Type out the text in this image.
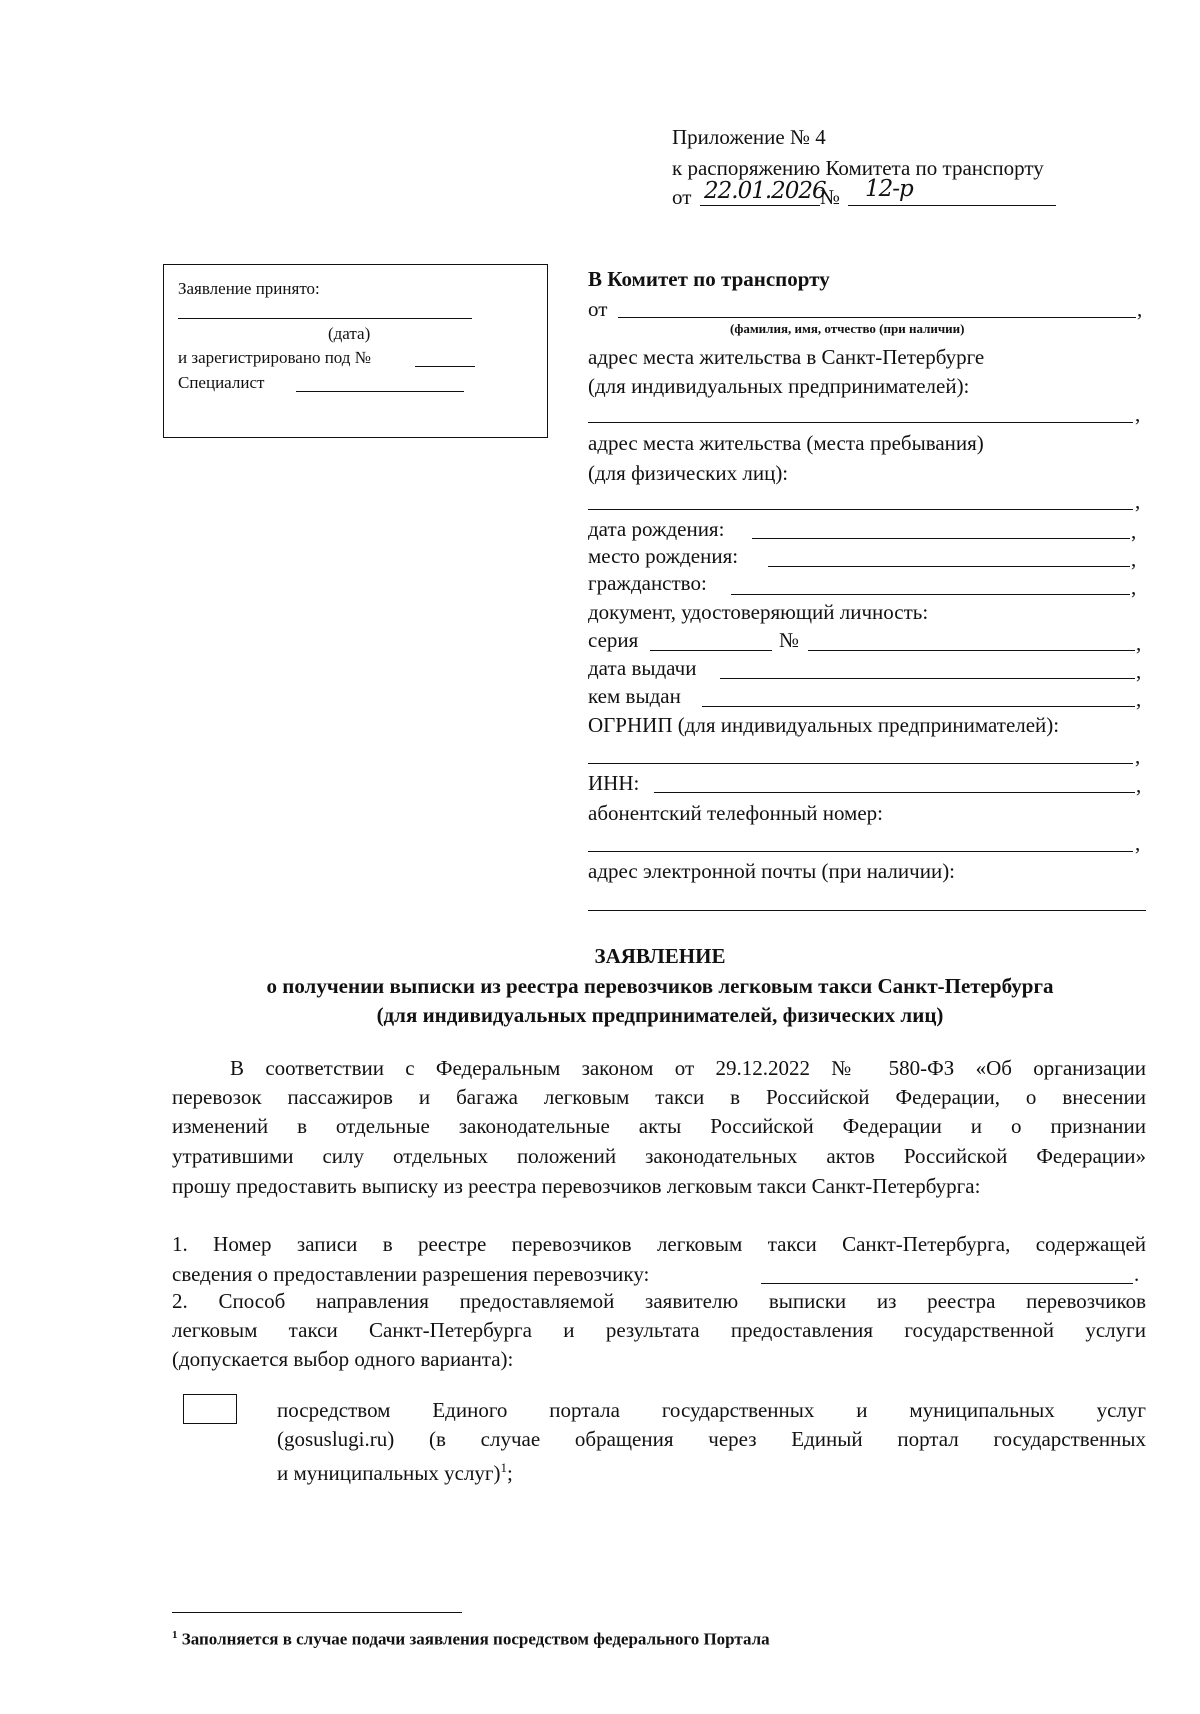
Приложение № 4
к распоряжению Комитета по транспорту
от 22.01.2026
№ 12-р
Заявление принято:
(дата)
и зарегистрировано под №
Специалист
В Комитет по транспорту
от	,
(фамилия, имя, отчество (при наличии)
адрес места жительства в Санкт-Петербурге
(для индивидуальных предпринимателей):
,
адрес места жительства (места пребывания)
(для физических лиц):
,
дата рождения:	,
место рождения:	,
гражданство:	,
документ, удостоверяющий личность:
серия	№	,
дата выдачи	,
кем выдан	,
ОГРНИП (для индивидуальных предпринимателей):
,
ИНН:	,
абонентский телефонный номер:
,
адрес электронной почты (при наличии):
ЗАЯВЛЕНИЕ
о получении выписки из реестра перевозчиков легковым такси Санкт-Петербурга
(для индивидуальных предпринимателей, физических лиц)
В соответствии с Федеральным законом от 29.12.2022 № 580-ФЗ «Об организации
перевозок пассажиров и багажа легковым такси в Российской Федерации, о внесении
изменений в отдельные законодательные акты Российской Федерации и о признании
утратившими силу отдельных положений законодательных актов Российской Федерации»
прошу предоставить выписку из реестра перевозчиков легковым такси Санкт-Петербурга:
1. Номер записи в реестре перевозчиков легковым такси Санкт-Петербурга, содержащей
сведения о предоставлении разрешения перевозчику:	.
2. Способ направления предоставляемой заявителю выписки из реестра перевозчиков
легковым такси Санкт-Петербурга и результата предоставления государственной услуги
(допускается выбор одного варианта):
посредством Единого портала государственных и муниципальных услуг
(gosuslugi.ru) (в случае обращения через Единый портал государственных
и муниципальных услуг)$^1$;
$^1$ Заполняется в случае подачи заявления посредством федерального Портала
